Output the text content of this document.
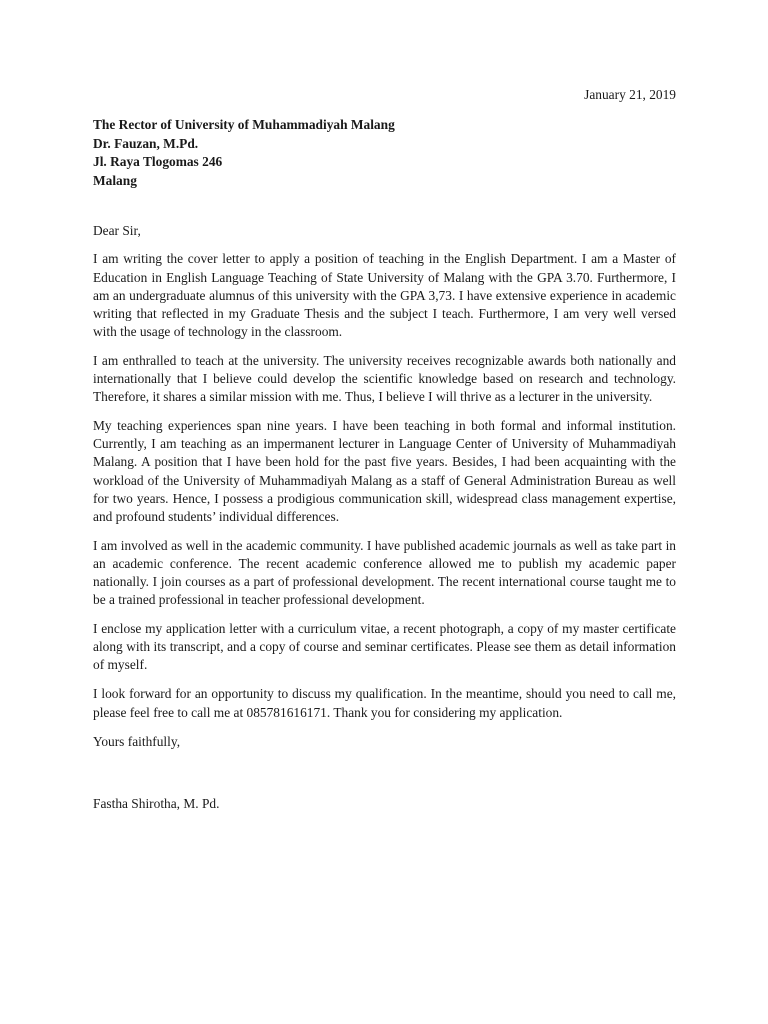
January 21, 2019
The Rector of University of Muhammadiyah Malang
Dr. Fauzan, M.Pd.
Jl. Raya Tlogomas 246
Malang
Dear Sir,

I am writing the cover letter to apply a position of teaching in the English Department. I am a Master of Education in English Language Teaching of State University of Malang with the GPA 3.70. Furthermore, I am an undergraduate alumnus of this university with the GPA 3,73. I have extensive experience in academic writing that reflected in my Graduate Thesis and the subject I teach. Furthermore, I am very well versed with the usage of technology in the classroom.

I am enthralled to teach at the university. The university receives recognizable awards both nationally and internationally that I believe could develop the scientific knowledge based on research and technology. Therefore, it shares a similar mission with me. Thus, I believe I will thrive as a lecturer in the university.

My teaching experiences span nine years. I have been teaching in both formal and informal institution. Currently, I am teaching as an impermanent lecturer in Language Center of University of Muhammadiyah Malang. A position that I have been hold for the past five years. Besides, I had been acquainting with the workload of the University of Muhammadiyah Malang as a staff of General Administration Bureau as well for two years. Hence, I possess a prodigious communication skill, widespread class management expertise, and profound students’ individual differences.

I am involved as well in the academic community. I have published academic journals as well as take part in an academic conference. The recent academic conference allowed me to publish my academic paper nationally. I join courses as a part of professional development. The recent international course taught me to be a trained professional in teacher professional development.

I enclose my application letter with a curriculum vitae, a recent photograph, a copy of my master certificate along with its transcript, and a copy of course and seminar certificates. Please see them as detail information of myself.

I look forward for an opportunity to discuss my qualification. In the meantime, should you need to call me, please feel free to call me at 085781616171. Thank you for considering my application.

Yours faithfully,
Fastha Shirotha, M. Pd.
